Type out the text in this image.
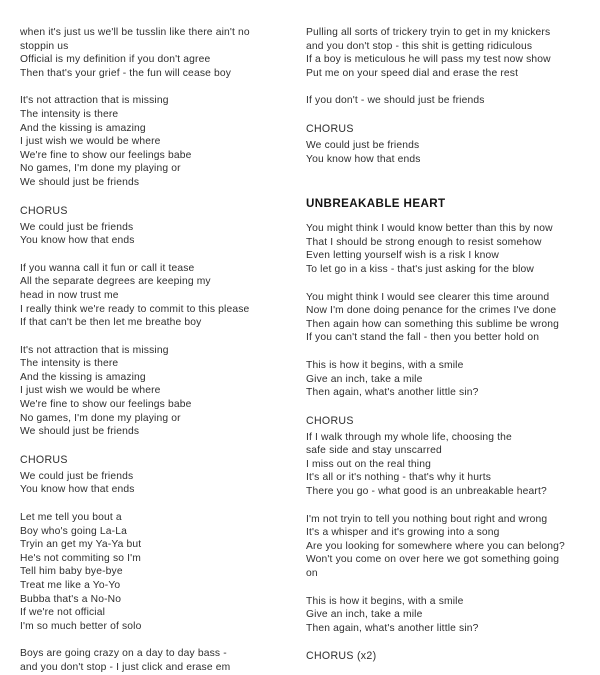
when it's just us we'll be tusslin like there ain't no stoppin us
Official is my definition if you don't agree
Then that's your grief - the fun will cease boy
It's not attraction that is missing
The intensity is there
And the kissing is amazing
I just wish we would be where
We're fine to show our feelings babe
No games, I'm done my playing or
We should just be friends
CHORUS
We could just be friends
You know how that ends
If you wanna call it fun or call it tease
All the separate degrees are keeping my
head in now trust me
I really think we're ready to commit to this please
If that can't be then let me breathe boy
It's not attraction that is missing
The intensity is there
And the kissing is amazing
I just wish we would be where
We're fine to show our feelings babe
No games, I'm done my playing or
We should just be friends
CHORUS
We could just be friends
You know how that ends
Let me tell you bout a
Boy who's going La-La
Tryin an get my Ya-Ya but
He's not commiting so I'm
Tell him baby bye-bye
Treat me like a Yo-Yo
Bubba that's a No-No
If we're not official
I'm so much better of solo
Boys are going crazy on a day to day bass -
and you don't stop - I just click and erase em
Pulling all sorts of trickery tryin to get in my knickers
and you don't stop - this shit is getting ridiculous
If a boy is meticulous he will pass my test now show
Put me on your speed dial and erase the rest
If you don't - we should just be friends
CHORUS
We could just be friends
You know how that ends
UNBREAKABLE HEART
You might think I would know better than this by now
That I should be strong enough to resist somehow
Even letting yourself wish is a risk I know
To let go in a kiss - that's just asking for the blow
You might think I would see clearer this time around
Now I'm done doing penance for the crimes I've done
Then again how can something this sublime be wrong
If you can't stand the fall - then you better hold on
This is how it begins, with a smile
Give an inch, take a mile
Then again, what's another little sin?
CHORUS
If I walk through my whole life, choosing the
safe side and stay unscarred
I miss out on the real thing
It's all or it's nothing - that's why it hurts
There you go - what good is an unbreakable heart?
I'm not tryin to tell you nothing bout right and wrong
It's a whisper and it's growing into a song
Are you looking for somewhere where you can belong?
Won't you come on over here we got something going on
This is how it begins, with a smile
Give an inch, take a mile
Then again, what's another little sin?
CHORUS (x2)
